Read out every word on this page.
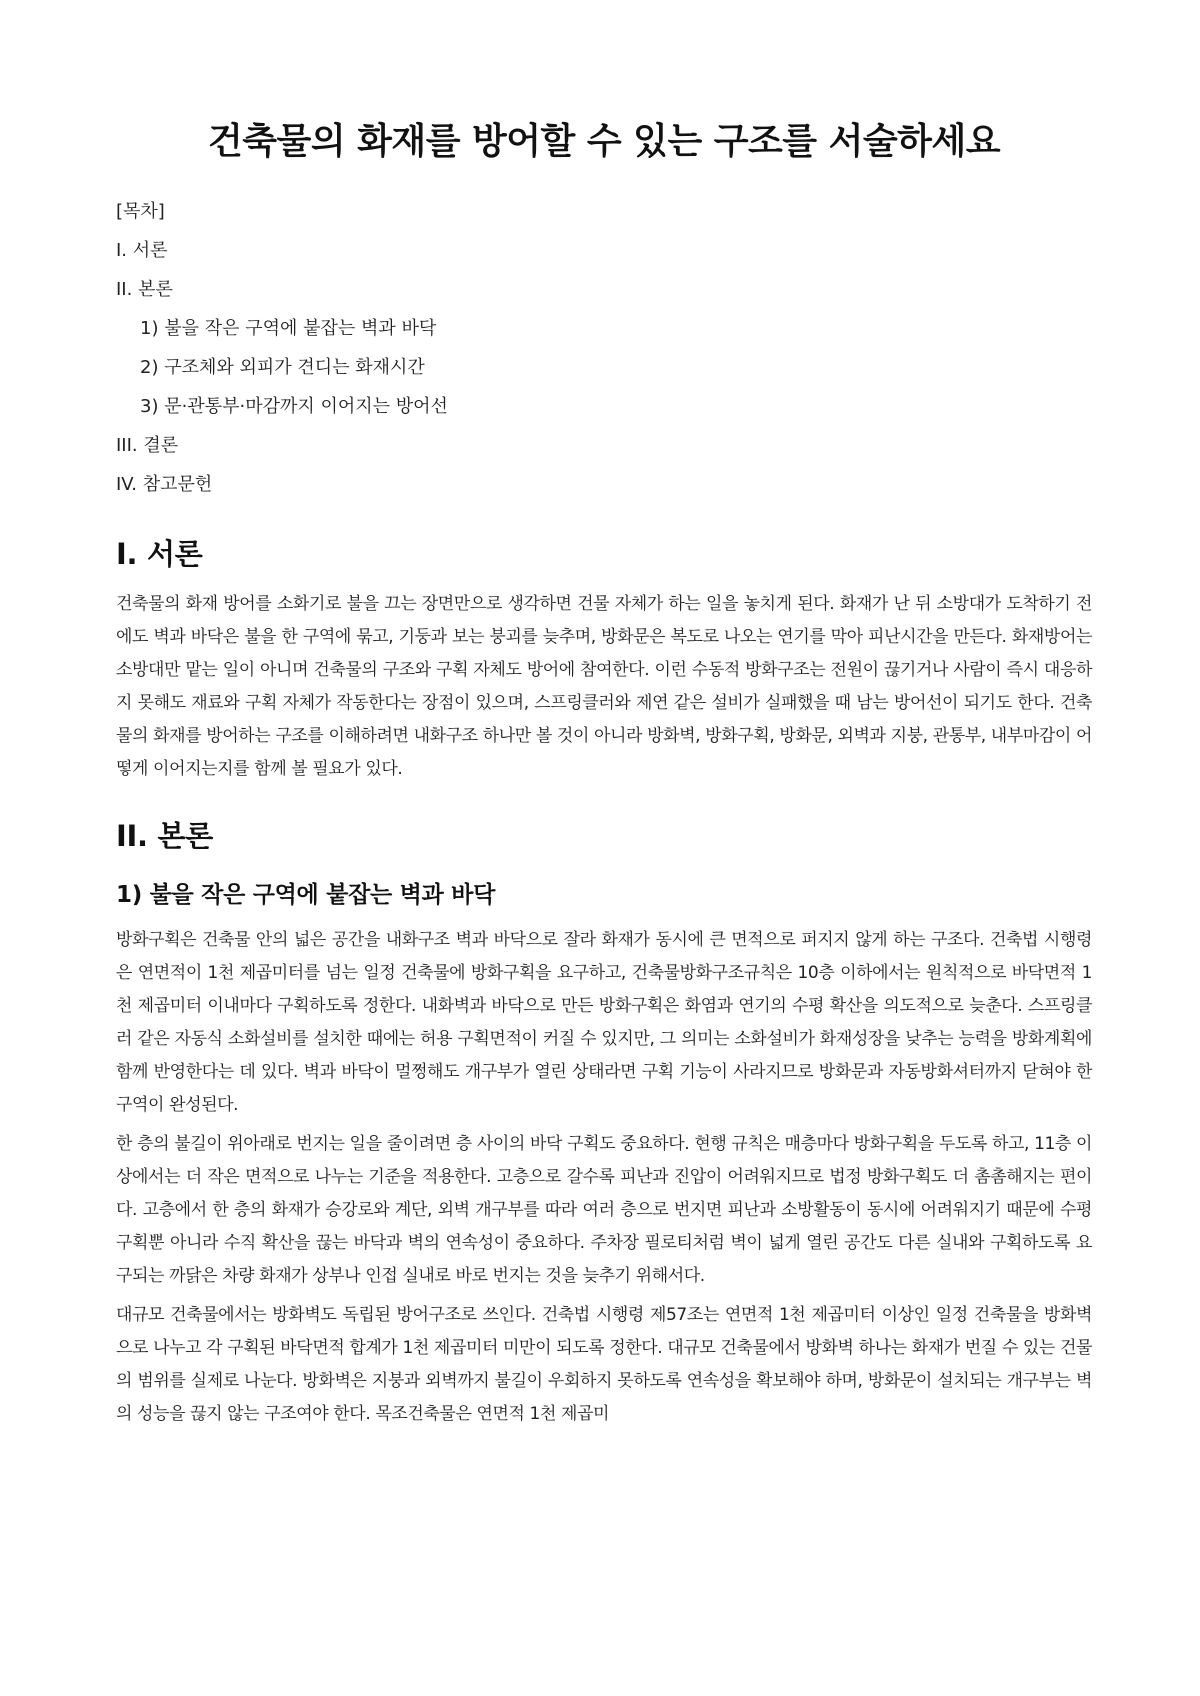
건축물의 화재를 방어할 수 있는 구조를 서술하세요
[목차]
I. 서론
II. 본론
1) 불을 작은 구역에 붙잡는 벽과 바닥
2) 구조체와 외피가 견디는 화재시간
3) 문·관통부·마감까지 이어지는 방어선
III. 결론
IV. 참고문헌
I. 서론

건축물의 화재 방어를 소화기로 불을 끄는 장면만으로 생각하면 건물 자체가 하는 일을 놓치게 된다. 화재가 난 뒤 소방대가 도착하기 전에도 벽과 바닥은 불을 한 구역에 묶고, 기둥과 보는 붕괴를 늦추며, 방화문은 복도로 나오는 연기를 막아 피난시간을 만든다. 화재방어는 소방대만 맡는 일이 아니며 건축물의 구조와 구획 자체도 방어에 참여한다. 이런 수동적 방화구조는 전원이 끊기거나 사람이 즉시 대응하지 못해도 재료와 구획 자체가 작동한다는 장점이 있으며, 스프링클러와 제연 같은 설비가 실패했을 때 남는 방어선이 되기도 한다. 건축물의 화재를 방어하는 구조를 이해하려면 내화구조 하나만 볼 것이 아니라 방화벽, 방화구획, 방화문, 외벽과 지붕, 관통부, 내부마감이 어떻게 이어지는지를 함께 볼 필요가 있다.

II. 본론
1) 불을 작은 구역에 붙잡는 벽과 바닥

방화구획은 건축물 안의 넓은 공간을 내화구조 벽과 바닥으로 잘라 화재가 동시에 큰 면적으로 퍼지지 않게 하는 구조다. 건축법 시행령은 연면적이 1천 제곱미터를 넘는 일정 건축물에 방화구획을 요구하고, 건축물방화구조규칙은 10층 이하에서는 원칙적으로 바닥면적 1천 제곱미터 이내마다 구획하도록 정한다. 내화벽과 바닥으로 만든 방화구획은 화염과 연기의 수평 확산을 의도적으로 늦춘다. 스프링클러 같은 자동식 소화설비를 설치한 때에는 허용 구획면적이 커질 수 있지만, 그 의미는 소화설비가 화재성장을 낮추는 능력을 방화계획에 함께 반영한다는 데 있다. 벽과 바닥이 멀쩡해도 개구부가 열린 상태라면 구획 기능이 사라지므로 방화문과 자동방화셔터까지 닫혀야 한 구역이 완성된다.

한 층의 불길이 위아래로 번지는 일을 줄이려면 층 사이의 바닥 구획도 중요하다. 현행 규칙은 매층마다 방화구획을 두도록 하고, 11층 이상에서는 더 작은 면적으로 나누는 기준을 적용한다. 고층으로 갈수록 피난과 진압이 어려워지므로 법정 방화구획도 더 촘촘해지는 편이다. 고층에서 한 층의 화재가 승강로와 계단, 외벽 개구부를 따라 여러 층으로 번지면 피난과 소방활동이 동시에 어려워지기 때문에 수평구획뿐 아니라 수직 확산을 끊는 바닥과 벽의 연속성이 중요하다. 주차장 필로티처럼 벽이 넓게 열린 공간도 다른 실내와 구획하도록 요구되는 까닭은 차량 화재가 상부나 인접 실내로 바로 번지는 것을 늦추기 위해서다.

대규모 건축물에서는 방화벽도 독립된 방어구조로 쓰인다. 건축법 시행령 제57조는 연면적 1천 제곱미터 이상인 일정 건축물을 방화벽으로 나누고 각 구획된 바닥면적 합계가 1천 제곱미터 미만이 되도록 정한다. 대규모 건축물에서 방화벽 하나는 화재가 번질 수 있는 건물의 범위를 실제로 나눈다. 방화벽은 지붕과 외벽까지 불길이 우회하지 못하도록 연속성을 확보해야 하며, 방화문이 설치되는 개구부는 벽의 성능을 끊지 않는 구조여야 한다. 목조건축물은 연면적 1천 제곱미
